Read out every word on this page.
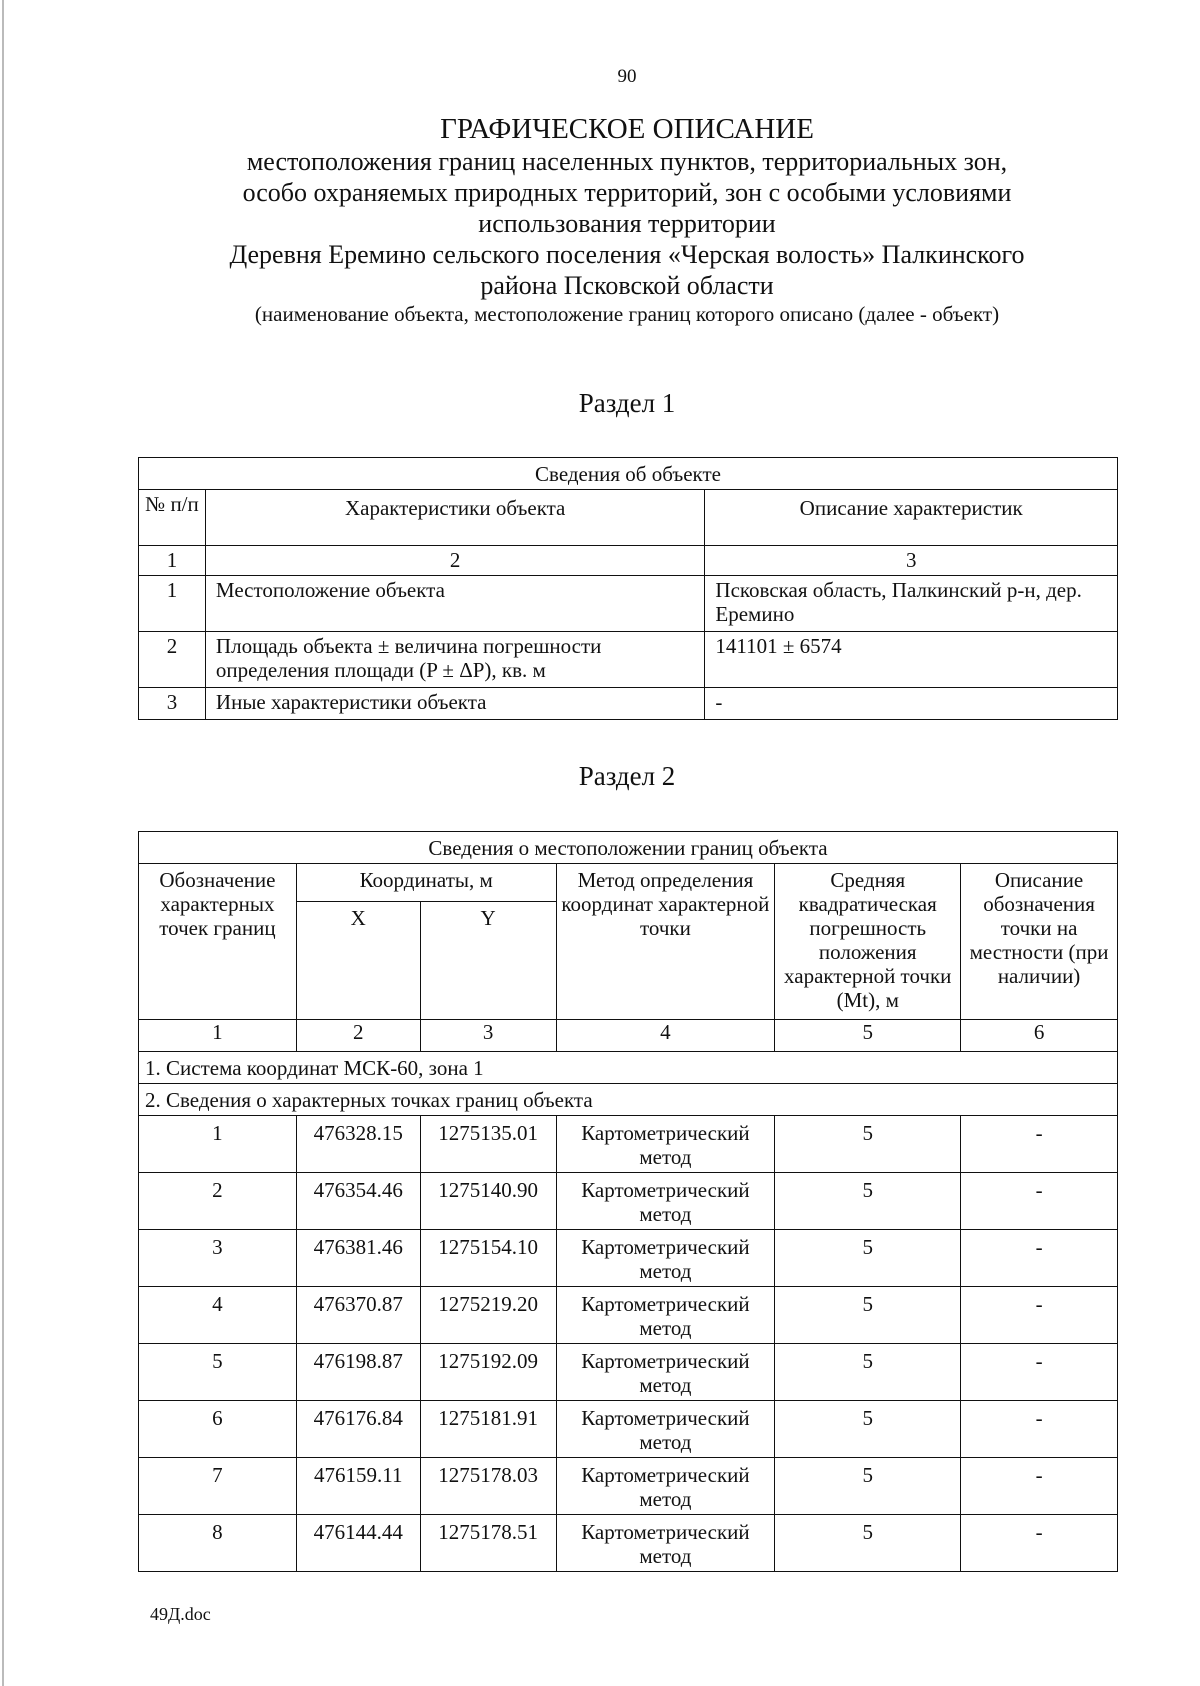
90
ГРАФИЧЕСКОЕ ОПИСАНИЕ
местоположения границ населенных пунктов, территориальных зон,
особо охраняемых природных территорий, зон с особыми условиями
использования территории
Деревня Еремино сельского поселения «Черская волость» Палкинского
района Псковской области
(наименование объекта, местоположение границ которого описано (далее - объект)
Раздел 1
Сведения об объекте		
№ п/п	Характеристики объекта	Описание характеристик
1	2	3
1	Местоположение объекта	Псковская область, Палкинский р-н, дер. Еремино
2	Площадь объекта ± величина погрешности определения площади (P ± ΔP), кв. м	141101 ± 6574
3	Иные характеристики объекта	-
Раздел 2
Сведения о местоположении границ объекта					
Обозначение характерных точек границ	Координаты, м		Метод определения координат характерной точки	Средняя квадратическая погрешность положения характерной точки (Mt), м	Описание обозначения точки на местности (при наличии)
	X	Y			
1	2	3	4	5	6
1. Система координат МСК-60, зона 1					
2. Сведения о характерных точках границ объекта					
1	476328.15	1275135.01	Картометрический метод	5	-
2	476354.46	1275140.90	Картометрический метод	5	-
3	476381.46	1275154.10	Картометрический метод	5	-
4	476370.87	1275219.20	Картометрический метод	5	-
5	476198.87	1275192.09	Картометрический метод	5	-
6	476176.84	1275181.91	Картометрический метод	5	-
7	476159.11	1275178.03	Картометрический метод	5	-
8	476144.44	1275178.51	Картометрический метод	5	-
49Д.doc
